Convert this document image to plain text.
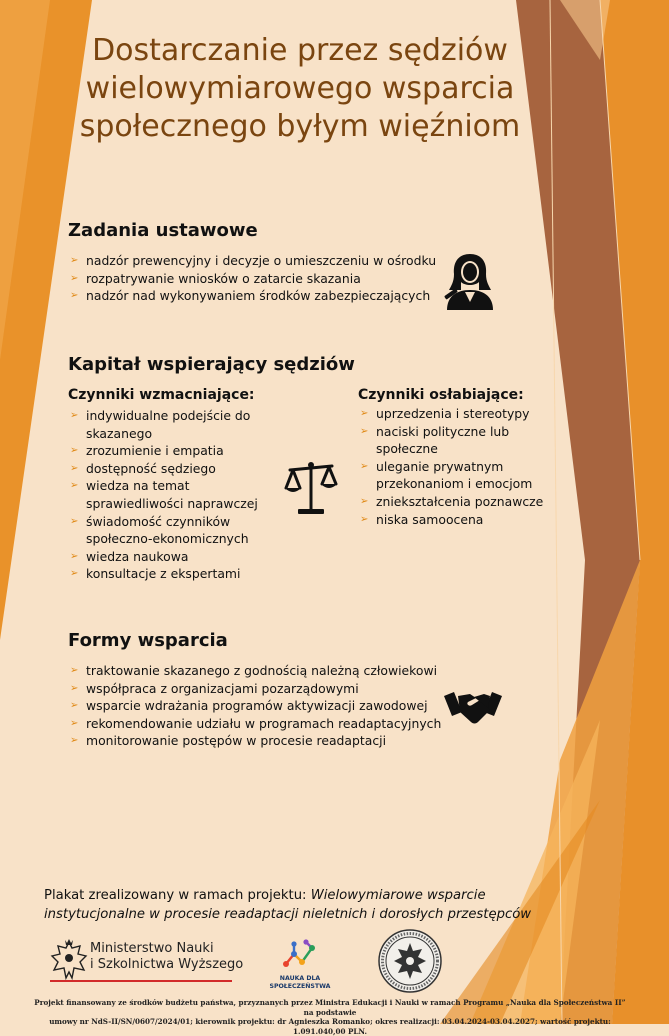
Dostarczanie przez sędziów
wielowymiarowego wsparcia
społecznego byłym więźniom
Zadania ustawowe
➢ nadzór prewencyjny i decyzje o umieszczeniu w ośrodku
➢ rozpatrywanie wniosków o zatarcie skazania
➢ nadzór nad wykonywaniem środków zabezpieczających
Kapitał wspierający sędziów
Czynniki wzmacniające:
➢ indywidualne podejście do
skazanego
➢ zrozumienie i empatia
➢ dostępność sędziego
➢ wiedza na temat
sprawiedliwości naprawczej
➢ świadomość czynników
społeczno-ekonomicznych
➢ wiedza naukowa
➢ konsultacje z ekspertami
Czynniki osłabiające:
➢ uprzedzenia i stereotypy
➢ naciski polityczne lub
społeczne
➢ uleganie prywatnym
przekonaniom i emocjom
➢ zniekształcenia poznawcze
➢ niska samoocena
Formy wsparcia
➢ traktowanie skazanego z godnością należną człowiekowi
➢ współpraca z organizacjami pozarządowymi
➢ wsparcie wdrażania programów aktywizacji zawodowej
➢ rekomendowanie udziału w programach readaptacyjnych
➢ monitorowanie postępów w procesie readaptacji
Plakat zrealizowany w ramach projektu: Wielowymiarowe wsparcie
instytucjonalne w procesie readaptacji nieletnich i dorosłych przestępców
Ministerstwo Nauki
i Szkolnictwa Wyższego
NAUKA DLA
SPOŁECZEŃSTWA
Projekt finansowany ze środków budżetu państwa, przyznanych przez Ministra Edukacji i Nauki w ramach Programu „Nauka dla Społeczeństwa II” na podstawie
umowy nr NdS-II/SN/0607/2024/01; kierownik projektu: dr Agnieszka Romanko; okres realizacji: 03.04.2024-03.04.2027; wartość projektu: 1.091.040,00 PLN.
